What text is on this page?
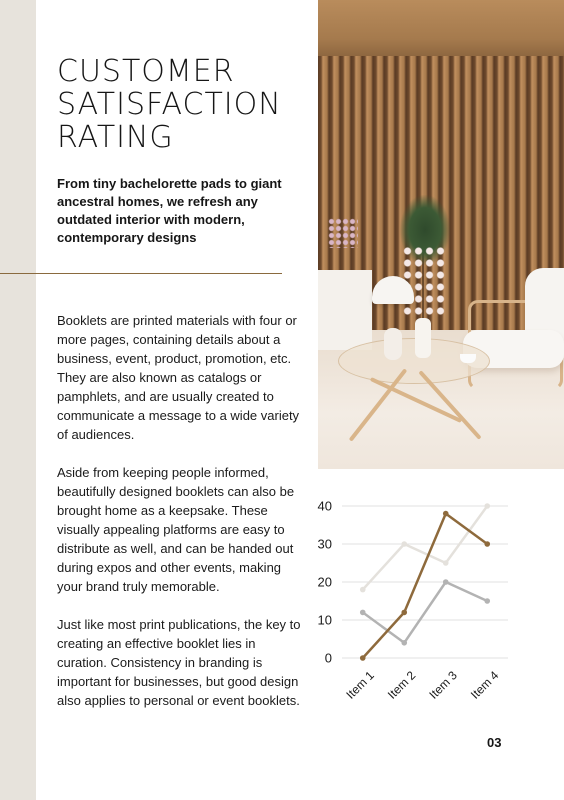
CUSTOMER
SATISFACTION
RATING

From tiny bachelorette pads to giant ancestral homes, we refresh any outdated interior with modern, contemporary designs

Booklets are printed materials with four or more pages, containing details about a business, event, product, promotion, etc. They are also known as catalogs or pamphlets, and are usually created to communicate a message to a wide variety of audiences.

Aside from keeping people informed, beautifully designed booklets can also be brought home as a keepsake. These visually appealing platforms are easy to distribute as well, and can be handed out during expos and other events, making your brand truly memorable.

Just like most print publications, the key to creating an effective booklet lies in curation. Consistency in branding is important for businesses, but good design also applies to personal or event booklets.

0
10
20
30
40
Item 1 Item 2 Item 3 Item 4
03
